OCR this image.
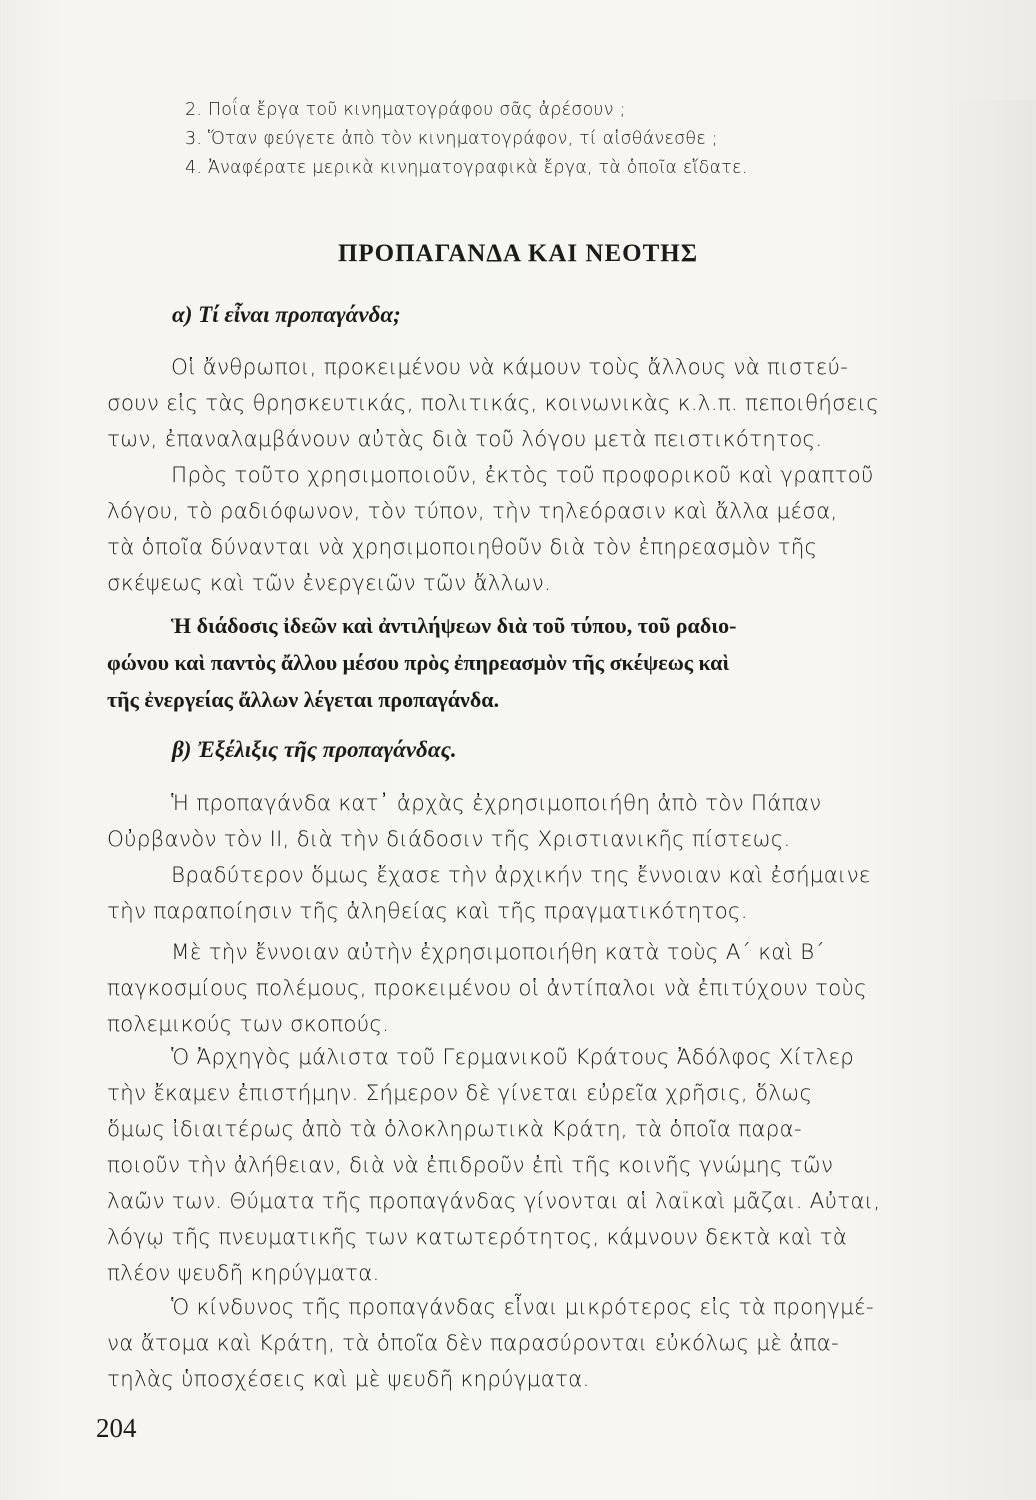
2. Ποΐα ἔργα τοῦ κινηματογράφου σᾶς ἀρέσουν ;
3. Ὅταν φεύγετε ἀπὸ τὸν κινηματογράφον, τί αἰσθάνεσθε ;
4. Ἀναφέρατε μερικὰ κινηματογραφικὰ ἔργα, τὰ ὁποῖα εἴδατε.
ΠΡΟΠΑΓΑΝΔΑ ΚΑΙ ΝΕΟΤΗΣ
α) Τί εἶναι προπαγάνδα;
Οἱ ἄνθρωποι, προκειμένου νὰ κάμουν τοὺς ἄλλους νὰ πιστεύ-
σουν εἰς τὰς θρησκευτικάς, πολιτικάς, κοινωνικὰς κ.λ.π. πεποιθήσεις
των, ἐπαναλαμβάνουν αὐτὰς διὰ τοῦ λόγου μετὰ πειστικότητος.
Πρὸς τοῦτο χρησιμοποιοῦν, ἐκτὸς τοῦ προφορικοῦ καὶ γραπτοῦ
λόγου, τὸ ραδιόφωνον, τὸν τύπον, τὴν τηλεόρασιν καὶ ἄλλα μέσα,
τὰ ὁποῖα δύνανται νὰ χρησιμοποιηθοῦν διὰ τὸν ἐπηρεασμὸν τῆς
σκέψεως καὶ τῶν ἐνεργειῶν τῶν ἄλλων.
Ἡ διάδοσις ἰδεῶν καὶ ἀντιλήψεων διὰ τοῦ τύπου, τοῦ ραδιο-
φώνου καὶ παντὸς ἄλλου μέσου πρὸς ἐπηρεασμὸν τῆς σκέψεως καὶ
τῆς ἐνεργείας ἄλλων λέγεται προπαγάνδα.
β) Ἐξέλιξις τῆς προπαγάνδας.
Ἡ προπαγάνδα κατ᾽ ἀρχὰς ἐχρησιμοποιήθη ἀπὸ τὸν Πάπαν
Οὐρβανὸν τὸν ΙΙ, διὰ τὴν διάδοσιν τῆς Χριστιανικῆς πίστεως.
Βραδύτερον ὅμως ἔχασε τὴν ἀρχικήν της ἔννοιαν καὶ ἐσήμαινε
τὴν παραποίησιν τῆς ἀληθείας καὶ τῆς πραγματικότητος.
Μὲ τὴν ἔννοιαν αὐτὴν ἐχρησιμοποιήθη κατὰ τοὺς Α΄ καὶ Β΄
παγκοσμίους πολέμους, προκειμένου οἱ ἀντίπαλοι νὰ ἐπιτύχουν τοὺς
πολεμικούς των σκοπούς.
Ὁ Ἀρχηγὸς μάλιστα τοῦ Γερμανικοῦ Κράτους Ἀδόλφος Χίτλερ
τὴν ἔκαμεν ἐπιστήμην. Σήμερον δὲ γίνεται εὐρεῖα χρῆσις, ὅλως
ὅμως ἰδιαιτέρως ἀπὸ τὰ ὁλοκληρωτικὰ Κράτη, τὰ ὁποῖα παρα-
ποιοῦν τὴν ἀλήθειαν, διὰ νὰ ἐπιδροῦν ἐπὶ τῆς κοινῆς γνώμης τῶν
λαῶν των. Θύματα τῆς προπαγάνδας γίνονται αἱ λαϊκαὶ μᾶζαι. Αὐται,
λόγῳ τῆς πνευματικῆς των κατωτερότητος, κάμνουν δεκτὰ καὶ τὰ
πλέον ψευδῆ κηρύγματα.
Ὁ κίνδυνος τῆς προπαγάνδας εἶναι μικρότερος εἰς τὰ προηγμέ-
να ἄτομα καὶ Κράτη, τὰ ὁποῖα δὲν παρασύρονται εὐκόλως μὲ ἀπα-
τηλὰς ὑποσχέσεις καὶ μὲ ψευδῆ κηρύγματα.
204
